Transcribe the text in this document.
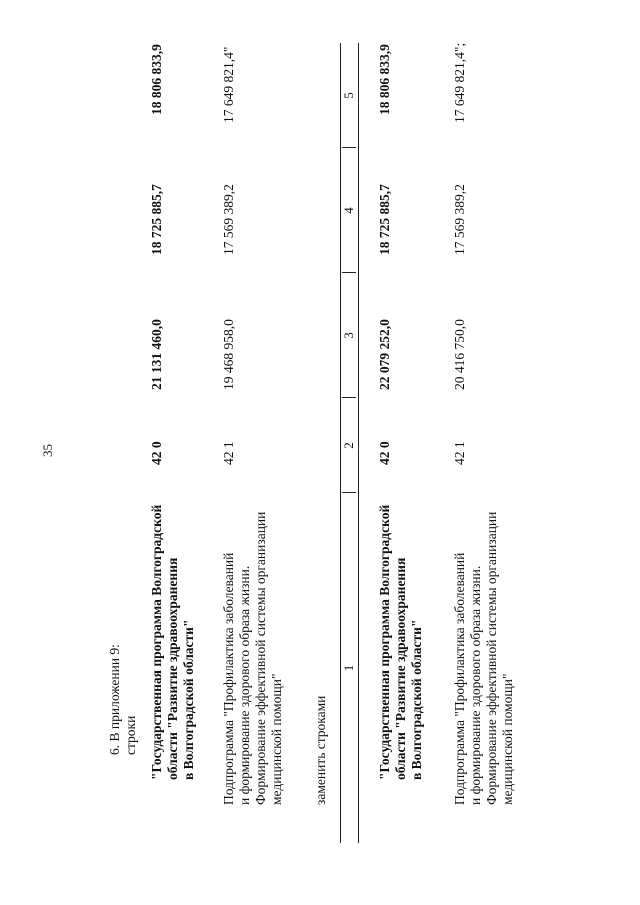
35
6. В приложении 9: строки "Государственная программа Волгоградской области "Развитие здравоохранения в Волгоградской области"
42 0
21 131 460,0
18 725 885,7
18 806 833,9
Подпрограмма "Профилактика заболеваний и формирование здорового образа жизни. Формирование эффективной системы организации медицинской помощи"
42 1
19 468 958,0
17 569 389,2
17 649 821,4"
заменить строками
1
2
3
4
5
"Государственная программа Волгоградской области "Развитие здравоохранения в Волгоградской области"
42 0
22 079 252,0
18 725 885,7
18 806 833,9
Подпрограмма "Профилактика заболеваний и формирование здорового образа жизни. Формирование эффективной системы организации медицинской помощи"
42 1
20 416 750,0
17 569 389,2
17 649 821,4";
